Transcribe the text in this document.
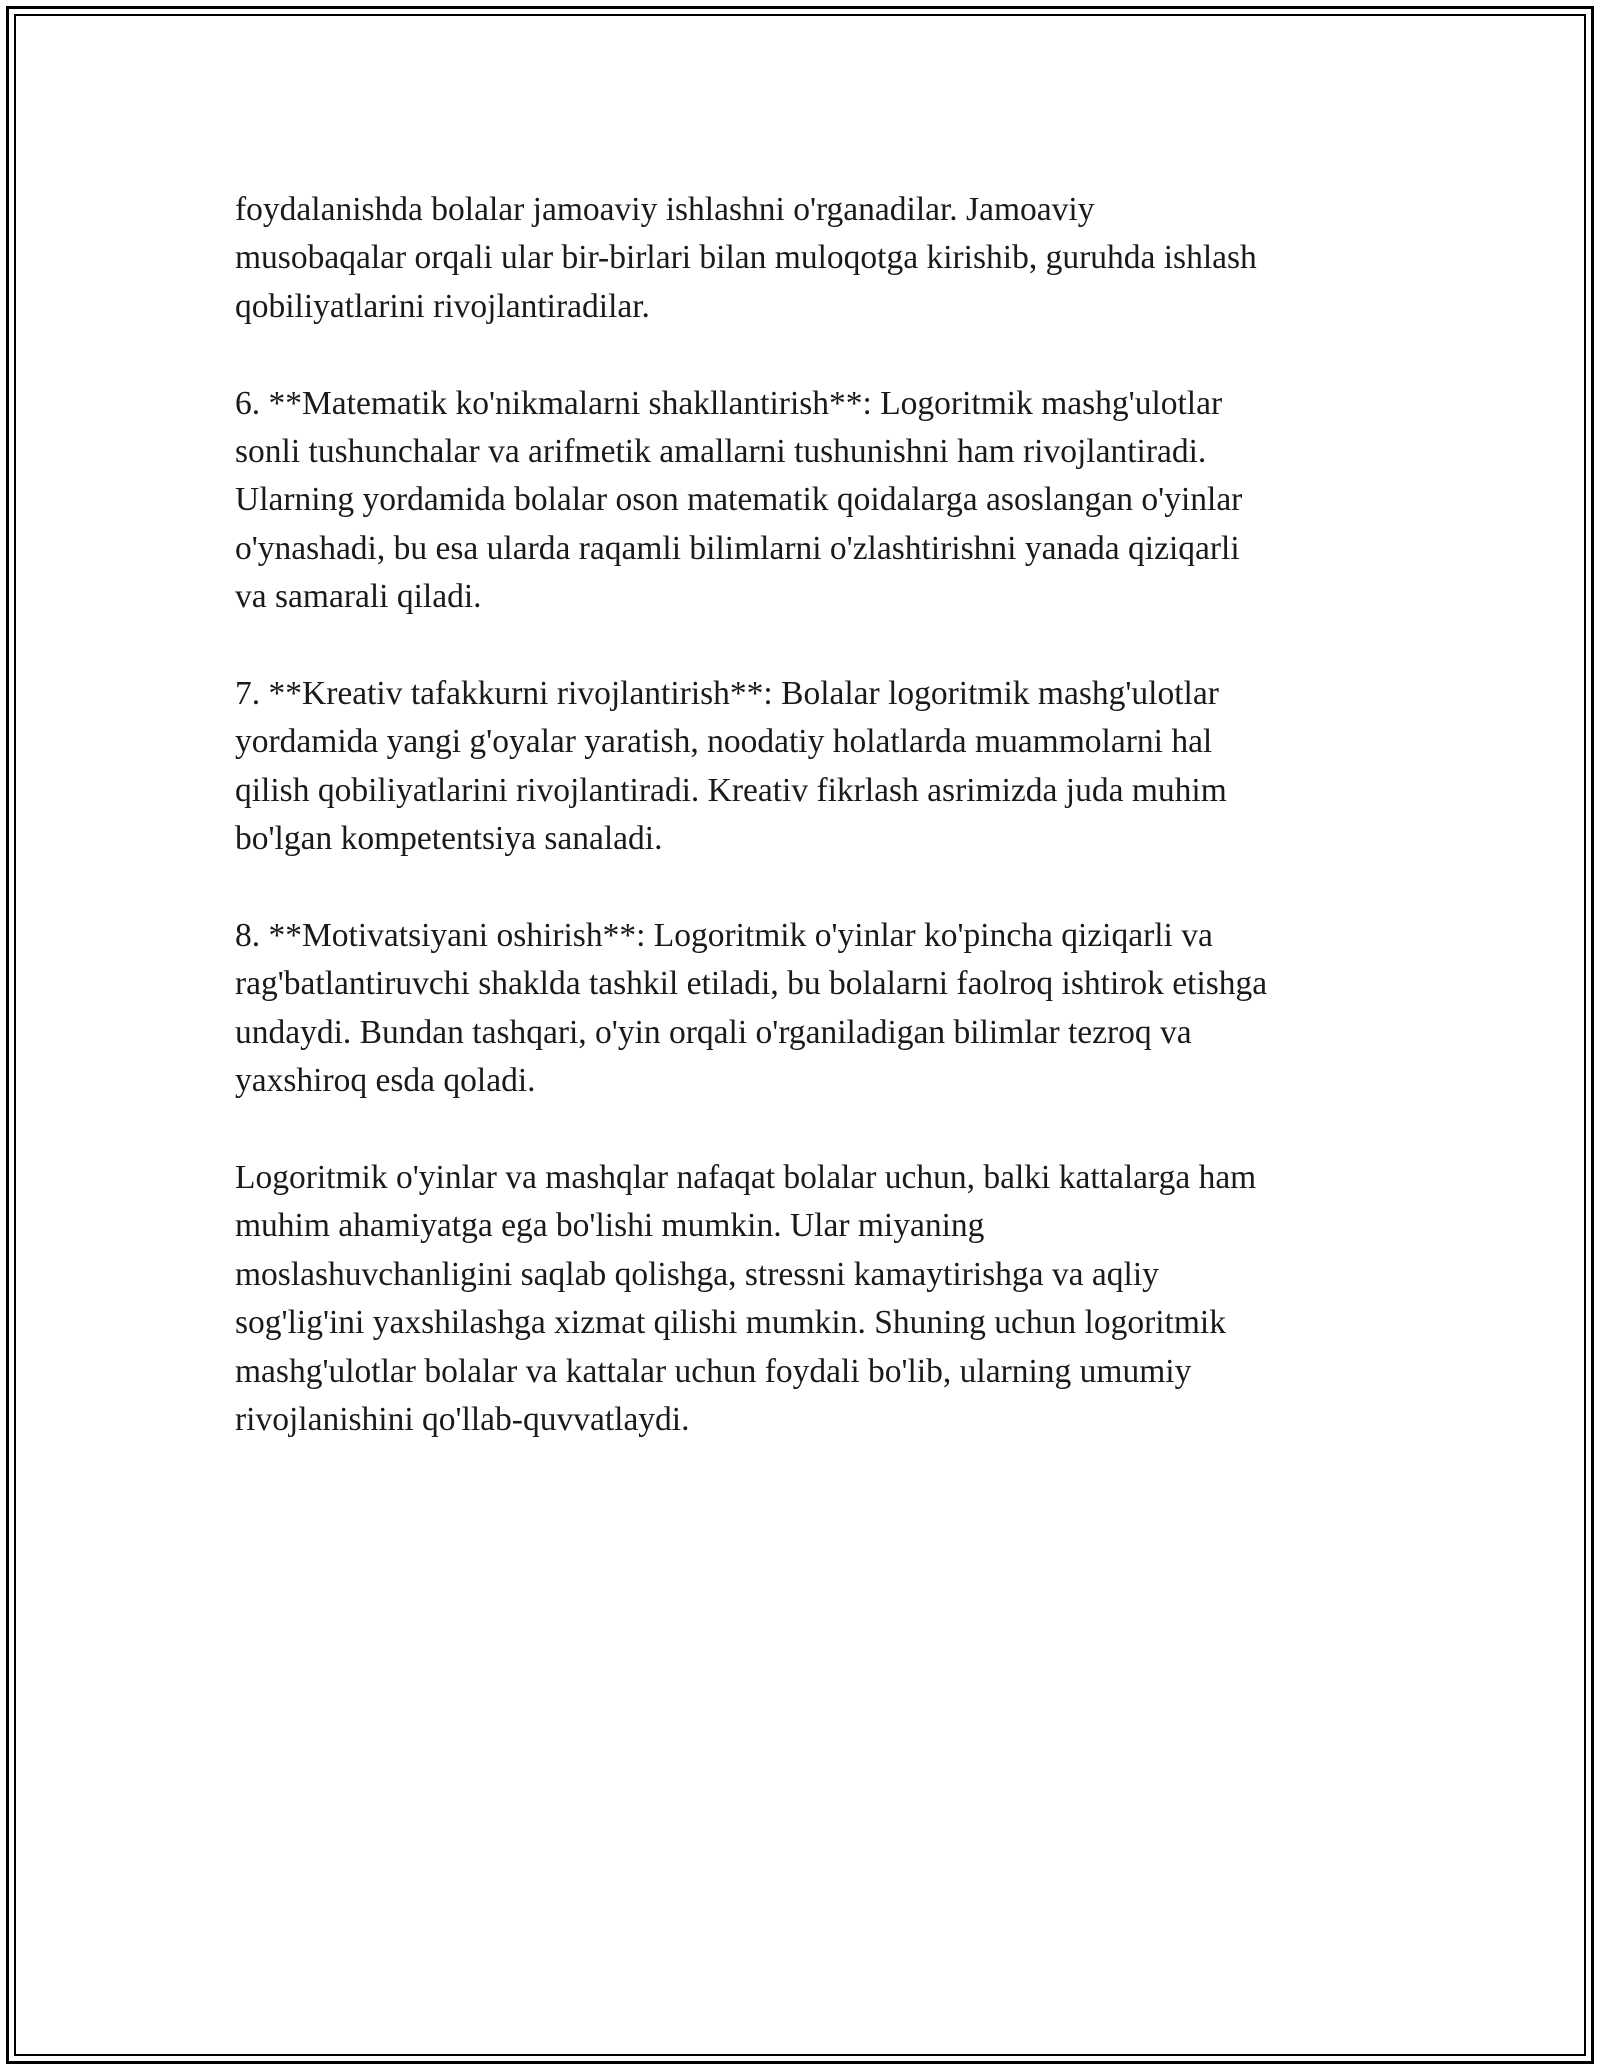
foydalanishda bolalar jamoaviy ishlashni o'rganadilar. Jamoaviy
musobaqalar orqali ular bir-birlari bilan muloqotga kirishib, guruhda ishlash
qobiliyatlarini rivojlantiradilar.

6. **Matematik ko'nikmalarni shakllantirish**: Logoritmik mashg'ulotlar
sonli tushunchalar va arifmetik amallarni tushunishni ham rivojlantiradi.
Ularning yordamida bolalar oson matematik qoidalarga asoslangan o'yinlar
o'ynashadi, bu esa ularda raqamli bilimlarni o'zlashtirishni yanada qiziqarli
va samarali qiladi.

7. **Kreativ tafakkurni rivojlantirish**: Bolalar logoritmik mashg'ulotlar
yordamida yangi g'oyalar yaratish, noodatiy holatlarda muammolarni hal
qilish qobiliyatlarini rivojlantiradi. Kreativ fikrlash asrimizda juda muhim
bo'lgan kompetentsiya sanaladi.

8. **Motivatsiyani oshirish**: Logoritmik o'yinlar ko'pincha qiziqarli va
rag'batlantiruvchi shaklda tashkil etiladi, bu bolalarni faolroq ishtirok etishga
undaydi. Bundan tashqari, o'yin orqali o'rganiladigan bilimlar tezroq va
yaxshiroq esda qoladi.

Logoritmik o'yinlar va mashqlar nafaqat bolalar uchun, balki kattalarga ham
muhim ahamiyatga ega bo'lishi mumkin. Ular miyaning
moslashuvchanligini saqlab qolishga, stressni kamaytirishga va aqliy
sog'lig'ini yaxshilashga xizmat qilishi mumkin. Shuning uchun logoritmik
mashg'ulotlar bolalar va kattalar uchun foydali bo'lib, ularning umumiy
rivojlanishini qo'llab-quvvatlaydi.
